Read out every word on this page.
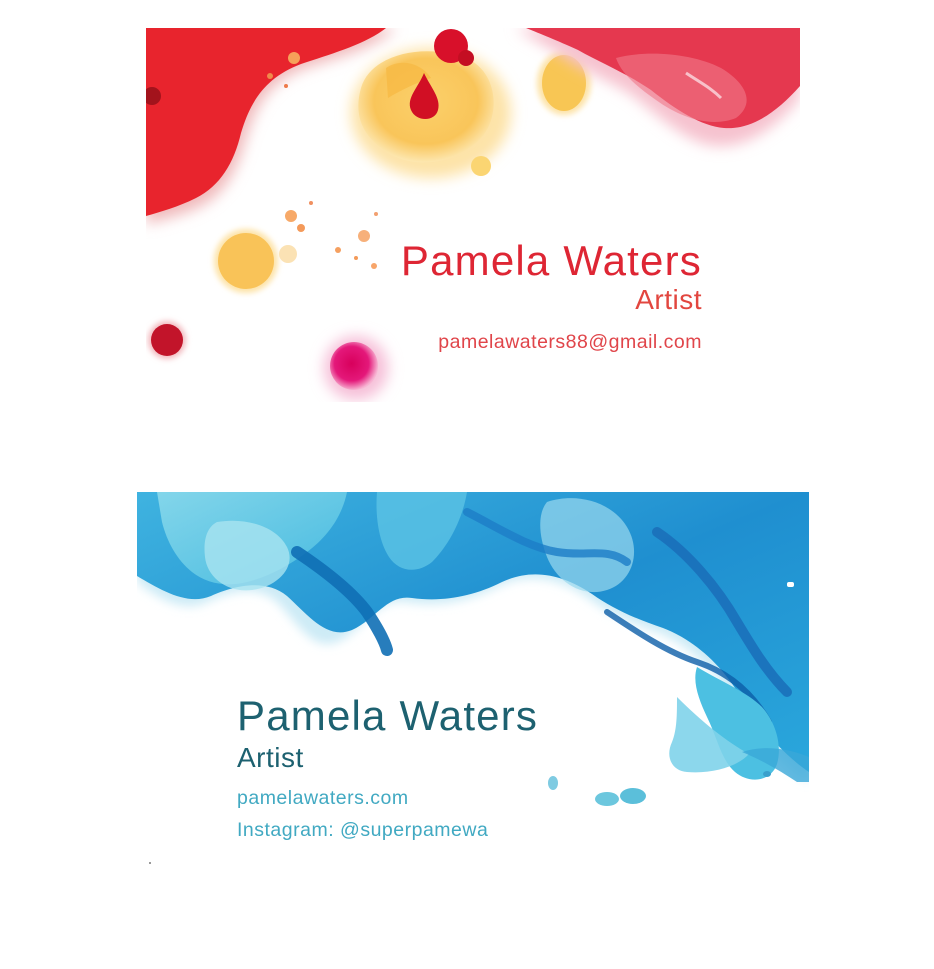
Pamela Waters
Artist
pamelawaters88@gmail.com
Pamela Waters
Artist
pamelawaters.com
Instagram: @superpamewa
